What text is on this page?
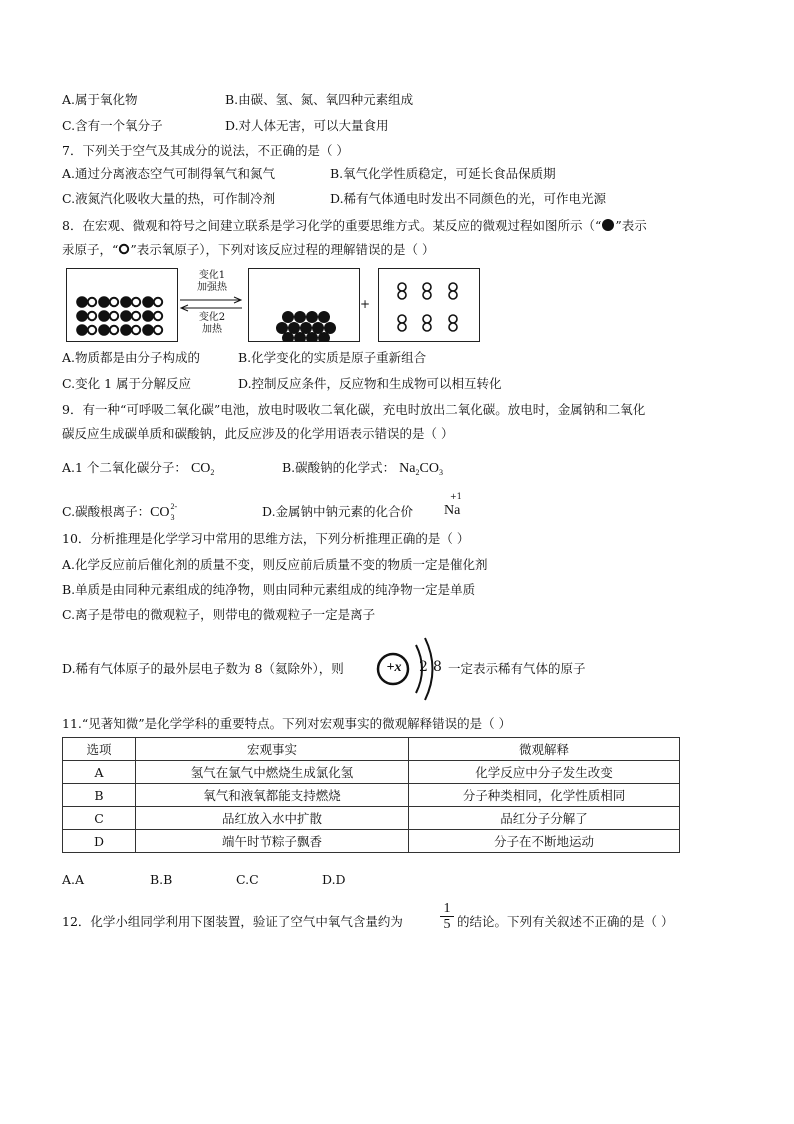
A.属于氧化物	B.由碳、氢、氮、氧四种元素组成
C.含有一个氧分子	D.对人体无害，可以大量食用
7．下列关于空气及其成分的说法，不正确的是（ ）
A.通过分离液态空气可制得氧气和氮气	B.氧气化学性质稳定，可延长食品保质期
C.液氮汽化吸收大量的热，可作制冷剂	D.稀有气体通电时发出不同颜色的光，可作电光源
8．在宏观、微观和符号之间建立联系是学习化学的重要思维方式。某反应的微观过程如图所示（“ ”表示
汞原子，“ ”表示氧原子），下列对该反应过程的理解错误的是（ ）
变化1
加强热
变化2
加热
+
A.物质都是由分子构成的	B.化学变化的实质是原子重新组合
C.变化 1 属于分解反应	D.控制反应条件，反应物和生成物可以相互转化
9．有一种“可呼吸二氧化碳”电池，放电时吸收二氧化碳，充电时放出二氧化碳。放电时，金属钠和二氧化
碳反应生成碳单质和碳酸钠，此反应涉及的化学用语表示错误的是（ ）
A.1 个二氧化碳分子： $CO_2$	B.碳酸钠的化学式： $Na_2CO_3$
C.碳酸根离子：CO 2-
3	D.金属钠中钠元素的化合价
+1
Na
10．分析推理是化学学习中常用的思维方法，下列分析推理正确的是（ ）
A.化学反应前后催化剂的质量不变，则反应前后质量不变的物质一定是催化剂
B.单质是由同种元素组成的纯净物，则由同种元素组成的纯净物一定是单质
C.离子是带电的微观粒子，则带电的微观粒子一定是离子
D.稀有气体原子的最外层电子数为 8（氦除外），则	+x	2 8 一定表示稀有气体的原子
11.“见著知微”是化学学科的重要特点。下列对宏观事实的微观解释错误的是（ ）
选项	宏观事实	微观解释
A	氢气在氯气中燃烧生成氯化氢	化学反应中分子发生改变
B	氧气和液氧都能支持燃烧	分子种类相同，化学性质相同
C	品红放入水中扩散	品红分子分解了
D	端午时节粽子飘香	分子在不断地运动
A.A	B.B	C.C	D.D
12．化学小组同学利用下图装置，验证了空气中氧气含量约为	$\frac{1}{5}$ 的结论。下列有关叙述不正确的是（ ）
